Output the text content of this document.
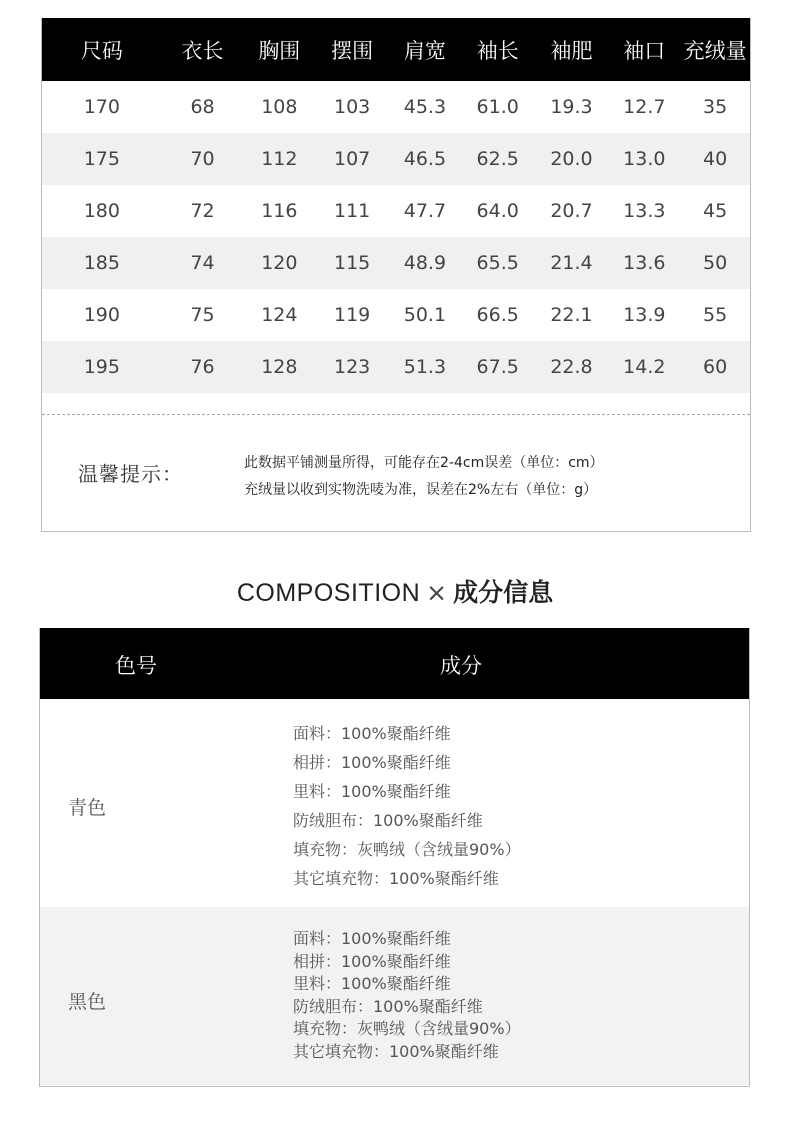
尺码	衣长	胸围	摆围	肩宽	袖长	袖肥	袖口 充绒量
170	68	108	103	45.3	61.0	19.3	12.7	35
175	70	112	107	46.5	62.5	20.0	13.0	40
180	72	116	111	47.7	64.0	20.7	13.3	45
185	74	120	115	48.9	65.5	21.4	13.6	50
190	75	124	119	50.1	66.5	22.1	13.9	55
195	76	128	123	51.3	67.5	22.8	14.2	60
温馨提示：	此数据平铺测量所得，可能存在2-4cm误差（单位：cm）
充绒量以收到实物洗唛为准，误差在2%左右（单位：g）
COMPOSITION × 成分信息
色号	成分
青色
面料：100%聚酯纤维
相拼：100%聚酯纤维
里料：100%聚酯纤维
防绒胆布：100%聚酯纤维
填充物：灰鸭绒（含绒量90%）
其它填充物：100%聚酯纤维
黑色
面料：100%聚酯纤维
相拼：100%聚酯纤维
里料：100%聚酯纤维
防绒胆布：100%聚酯纤维
填充物：灰鸭绒（含绒量90%）
其它填充物：100%聚酯纤维
